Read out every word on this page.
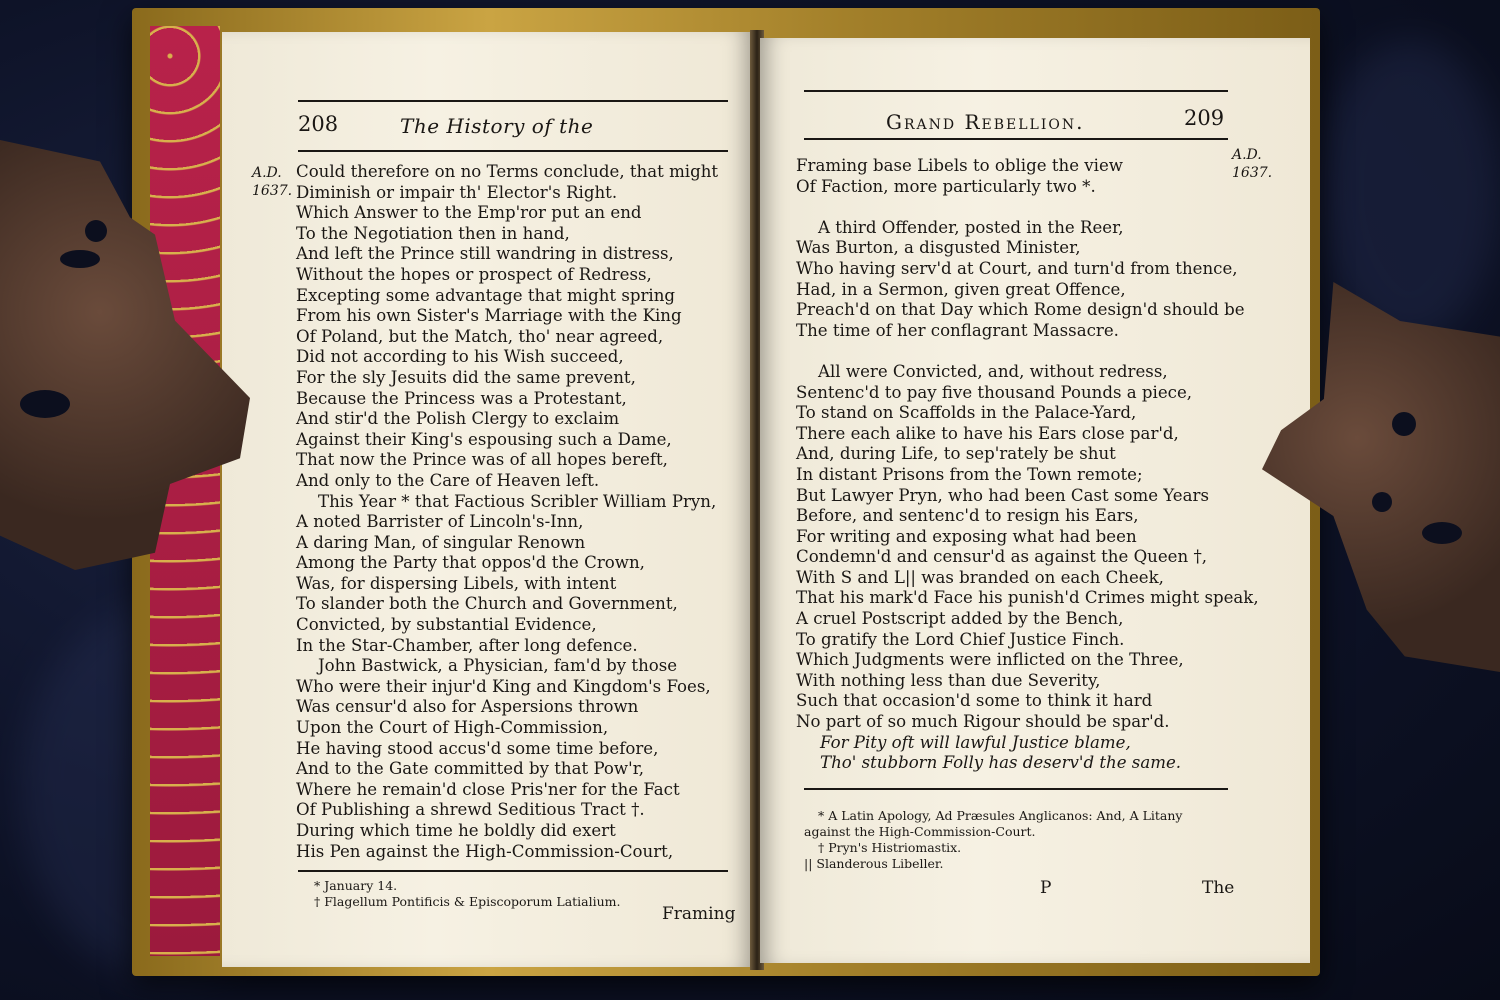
208	The History of the
A.D.
1637.
Could therefore on no Terms conclude, that might
Diminish or impair th' Elector's Right.
Which Answer to the Emp'ror put an end
To the Negotiation then in hand,
And left the Prince still wandring in distress,
Without the hopes or prospect of Redress,
Excepting some advantage that might spring
From his own Sister's Marriage with the King
Of Poland, but the Match, tho' near agreed,
Did not according to his Wish succeed,
For the sly Jesuits did the same prevent,
Because the Princess was a Protestant,
And stir'd the Polish Clergy to exclaim
Against their King's espousing such a Dame,
That now the Prince was of all hopes bereft,
And only to the Care of Heaven left.
This Year * that Factious Scribler William Pryn,
A noted Barrister of Lincoln's-Inn,
A daring Man, of singular Renown
Among the Party that oppos'd the Crown,
Was, for dispersing Libels, with intent
To slander both the Church and Government,
Convicted, by substantial Evidence,
In the Star-Chamber, after long defence.
John Bastwick, a Physician, fam'd by those
Who were their injur'd King and Kingdom's Foes,
Was censur'd also for Aspersions thrown
Upon the Court of High-Commission,
He having stood accus'd some time before,
And to the Gate committed by that Pow'r,
Where he remain'd close Pris'ner for the Fact
Of Publishing a shrewd Seditious Tract †.
During which time he boldly did exert
His Pen against the High-Commission-Court,
* January 14.
† Flagellum Pontificis & Episcoporum Latialium.
Framing
Grand Rebellion.	209
A.D.
1637.
Framing base Libels to oblige the view
Of Faction, more particularly two *.
A third Offender, posted in the Reer,
Was Burton, a disgusted Minister,
Who having serv'd at Court, and turn'd from thence,
Had, in a Sermon, given great Offence,
Preach'd on that Day which Rome design'd should be
The time of her conflagrant Massacre.
All were Convicted, and, without redress,
Sentenc'd to pay five thousand Pounds a piece,
To stand on Scaffolds in the Palace-Yard,
There each alike to have his Ears close par'd,
And, during Life, to sep'rately be shut
In distant Prisons from the Town remote;
But Lawyer Pryn, who had been Cast some Years
Before, and sentenc'd to resign his Ears,
For writing and exposing what had been
Condemn'd and censur'd as against the Queen †,
With S and L|| was branded on each Cheek,
That his mark'd Face his punish'd Crimes might speak,
A cruel Postscript added by the Bench,
To gratify the Lord Chief Justice Finch.
Which Judgments were inflicted on the Three,
With nothing less than due Severity,
Such that occasion'd some to think it hard
No part of so much Rigour should be spar'd.
For Pity oft will lawful Justice blame,
Tho' stubborn Folly has deserv'd the same.
* A Latin Apology, Ad Præsules Anglicanos: And, A Litany
against the High-Commission-Court.
† Pryn's Histriomastix.
|| Slanderous Libeller.
P	The
